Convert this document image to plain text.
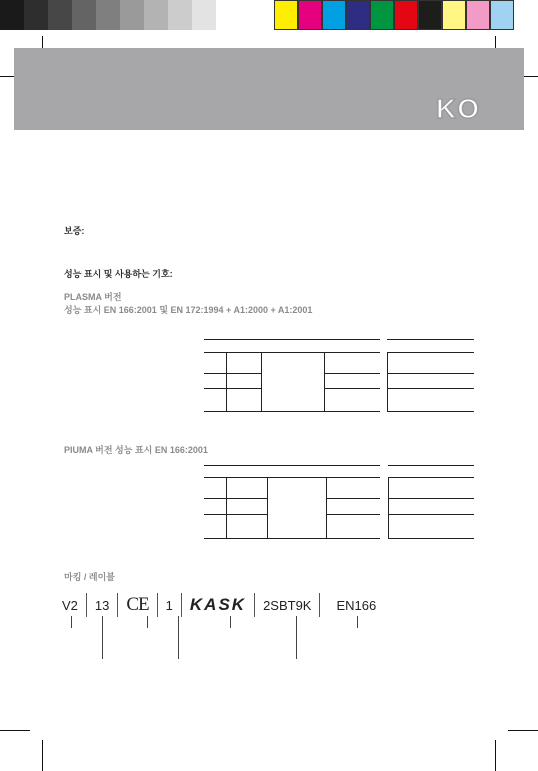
KO
보증:
성능 표시 및 사용하는 기호:
PLASMA 버전
성능 표시 EN 166:2001 및 EN 172:1994 + A1:2000 + A1:2001

PIUMA 버전 성능 표시 EN 166:2001

마킹 / 레이블
V2 13 CE 1 KASK 2SBT9K EN166
